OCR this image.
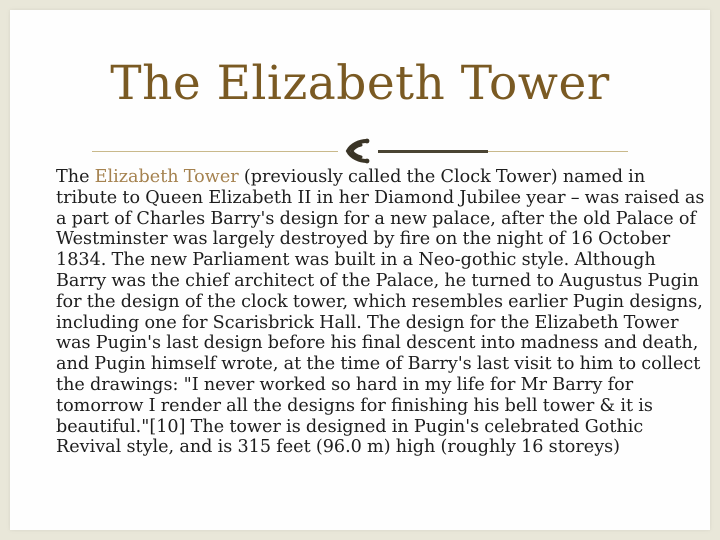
The Elizabeth Tower

The Elizabeth Tower (previously called the Clock Tower) named in tribute to Queen Elizabeth II in her Diamond Jubilee year – was raised as a part of Charles Barry's design for a new palace, after the old Palace of Westminster was largely destroyed by fire on the night of 16 October 1834. The new Parliament was built in a Neo-gothic style. Although Barry was the chief architect of the Palace, he turned to Augustus Pugin for the design of the clock tower, which resembles earlier Pugin designs, including one for Scarisbrick Hall. The design for the Elizabeth Tower was Pugin's last design before his final descent into madness and death, and Pugin himself wrote, at the time of Barry's last visit to him to collect the drawings: "I never worked so hard in my life for Mr Barry for tomorrow I render all the designs for finishing his bell tower & it is beautiful."[10] The tower is designed in Pugin's celebrated Gothic Revival style, and is 315 feet (96.0 m) high (roughly 16 storeys)
